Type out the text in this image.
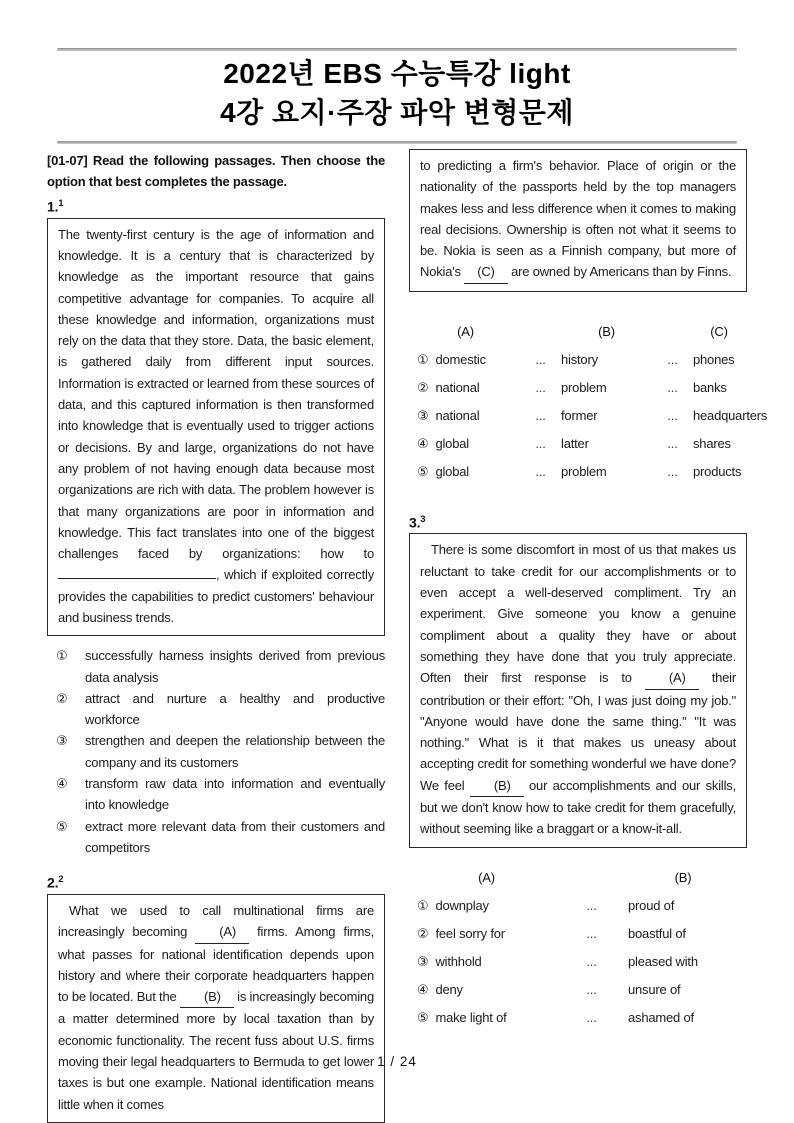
2022년 EBS 수능특강 light
4강 요지·주장 파악 변형문제
[01-07] Read the following passages. Then choose the option that best completes the passage.
1.$^1$

The twenty-first century is the age of information and knowledge. It is a century that is characterized by knowledge as the important resource that gains competitive advantage for companies. To acquire all these knowledge and information, organizations must rely on the data that they store. Data, the basic element, is gathered daily from different input sources. Information is extracted or learned from these sources of data, and this captured information is then transformed into knowledge that is eventually used to trigger actions or decisions. By and large, organizations do not have any problem of not having enough data because most organizations are rich with data. The problem however is that many organizations are poor in information and knowledge. This fact translates into one of the biggest challenges faced by organizations: how to , which if exploited correctly provides the capabilities to predict customers' behaviour and business trends.

① successfully harness insights derived from previous data analysis
② attract and nurture a healthy and productive workforce
③ strengthen and deepen the relationship between the company and its customers
④ transform raw data into information and eventually into knowledge
⑤ extract more relevant data from their customers and competitors
2.$^2$

What we used to call multinational firms are increasingly becoming (A) firms. Among firms, what passes for national identification depends upon history and where their corporate headquarters happen to be located. But the (B) is increasingly becoming a matter determined more by local taxation than by economic functionality. The recent fuss about U.S. firms moving their legal headquarters to Bermuda to get lower taxes is but one example. National identification means little when it comes

to predicting a firm's behavior. Place of origin or the nationality of the passports held by the top managers makes less and less difference when it comes to making real decisions. Ownership is often not what it seems to be. Nokia is seen as a Finnish company, but more of Nokia's (C) are owned by Americans than by Finns.

(A)	(B)	(C)
① domestic	...	history	...	phones
② national	...	problem	...	banks
③ national	...	former	...	headquarters
④ global	...	latter	...	shares
⑤ global	...	problem	...	products
3.$^3$

There is some discomfort in most of us that makes us reluctant to take credit for our accomplishments or to even accept a well-deserved compliment. Try an experiment. Give someone you know a genuine compliment about a quality they have or about something they have done that you truly appreciate. Often their first response is to (A) their contribution or their effort: "Oh, I was just doing my job." "Anyone would have done the same thing." "It was nothing." What is it that makes us uneasy about accepting credit for something wonderful we have done? We feel (B) our accomplishments and our skills, but we don't know how to take credit for them gracefully, without seeming like a braggart or a know-it-all.

(A)	(B)
① downplay	...	proud of
② feel sorry for	...	boastful of
③ withhold	...	pleased with
④ deny	...	unsure of
⑤ make light of	...	ashamed of
1 / 24
